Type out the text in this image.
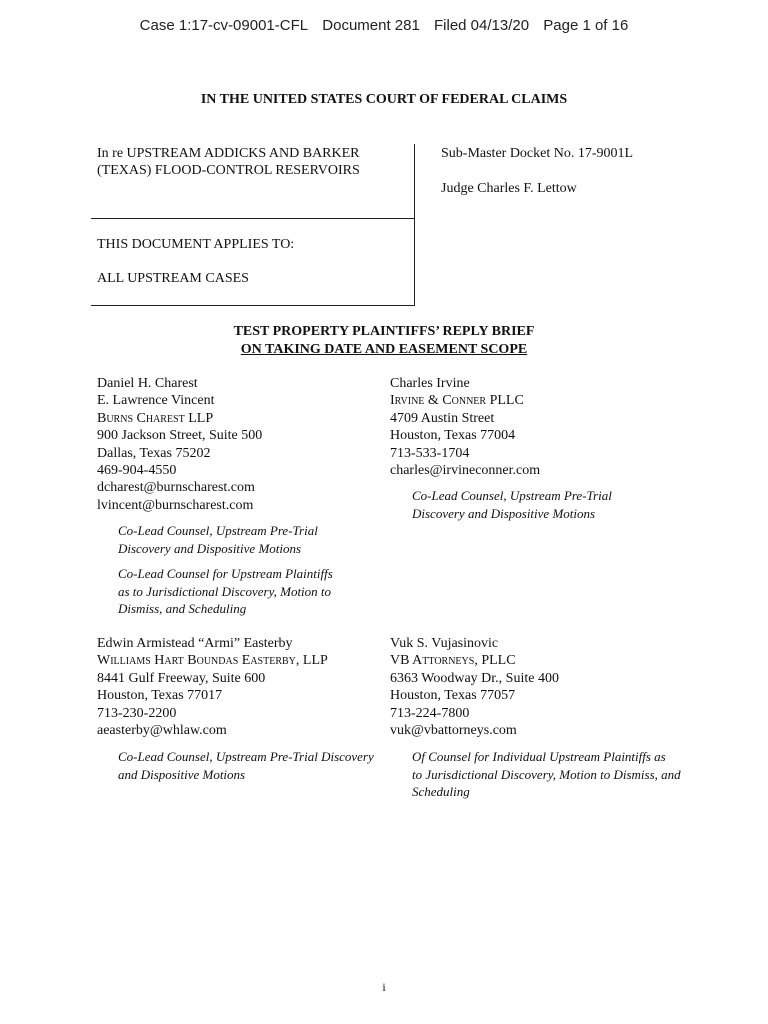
Case 1:17-cv-09001-CFL Document 281 Filed 04/13/20 Page 1 of 16
IN THE UNITED STATES COURT OF FEDERAL CLAIMS
In re UPSTREAM ADDICKS AND BARKER
(TEXAS) FLOOD-CONTROL RESERVOIRS
THIS DOCUMENT APPLIES TO:
ALL UPSTREAM CASES
Sub-Master Docket No. 17-9001L
Judge Charles F. Lettow
TEST PROPERTY PLAINTIFFS’ REPLY BRIEF
ON TAKING DATE AND EASEMENT SCOPE
Daniel H. Charest
E. Lawrence Vincent
Burns Charest LLP
900 Jackson Street, Suite 500
Dallas, Texas 75202
469-904-4550
dcharest@burnscharest.com
lvincent@burnscharest.com
Co-Lead Counsel, Upstream Pre-Trial
Discovery and Dispositive Motions
Co-Lead Counsel for Upstream Plaintiffs
as to Jurisdictional Discovery, Motion to
Dismiss, and Scheduling
Charles Irvine
Irvine & Conner PLLC
4709 Austin Street
Houston, Texas 77004
713-533-1704
charles@irvineconner.com
Co-Lead Counsel, Upstream Pre-Trial
Discovery and Dispositive Motions
Edwin Armistead “Armi” Easterby
Williams Hart Boundas Easterby, LLP
8441 Gulf Freeway, Suite 600
Houston, Texas 77017
713-230-2200
aeasterby@whlaw.com
Co-Lead Counsel, Upstream Pre-Trial Discovery
and Dispositive Motions
Vuk S. Vujasinovic
VB Attorneys, PLLC
6363 Woodway Dr., Suite 400
Houston, Texas 77057
713-224-7800
vuk@vbattorneys.com
Of Counsel for Individual Upstream Plaintiffs as
to Jurisdictional Discovery, Motion to Dismiss, and
Scheduling
i
